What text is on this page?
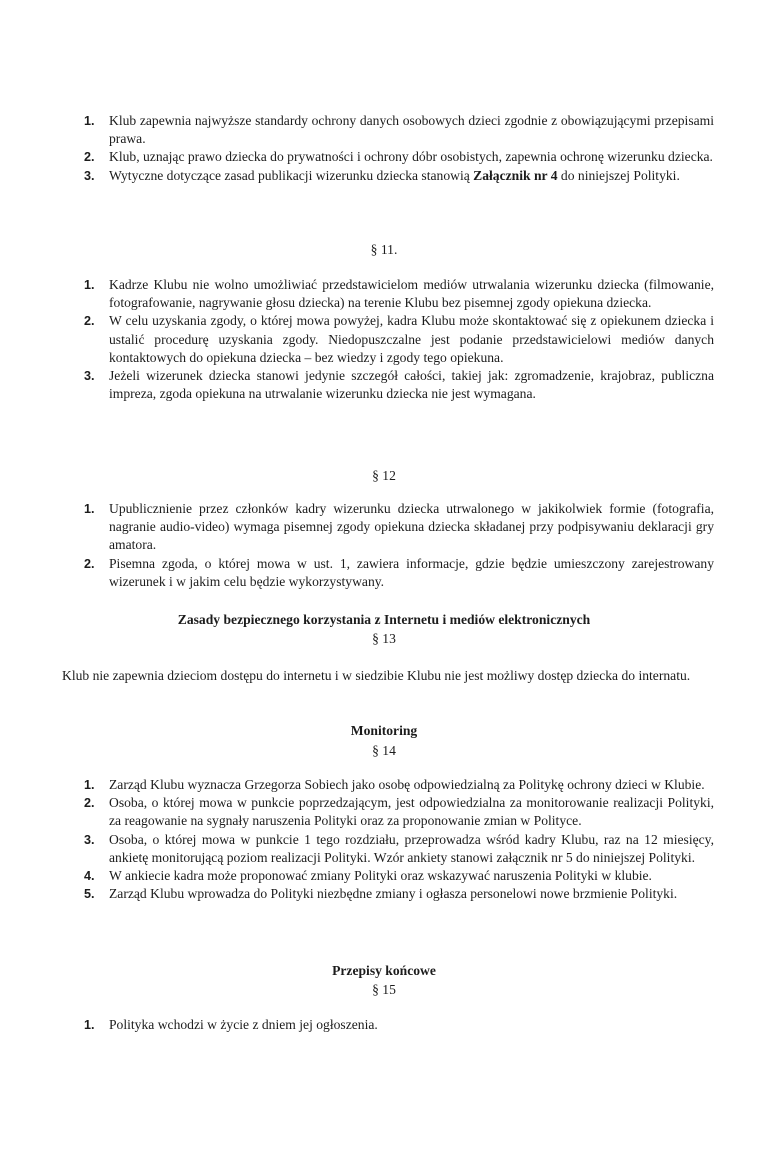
1. Klub zapewnia najwyższe standardy ochrony danych osobowych dzieci zgodnie z obowiązującymi przepisami prawa.
2. Klub, uznając prawo dziecka do prywatności i ochrony dóbr osobistych, zapewnia ochronę wizerunku dziecka.
3. Wytyczne dotyczące zasad publikacji wizerunku dziecka stanowią Załącznik nr 4 do niniejszej Polityki.
§ 11.
1. Kadrze Klubu nie wolno umożliwiać przedstawicielom mediów utrwalania wizerunku dziecka (filmowanie, fotografowanie, nagrywanie głosu dziecka) na terenie Klubu bez pisemnej zgody opiekuna dziecka.
2. W celu uzyskania zgody, o której mowa powyżej, kadra Klubu może skontaktować się z opiekunem dziecka i ustalić procedurę uzyskania zgody. Niedopuszczalne jest podanie przedstawicielowi mediów danych kontaktowych do opiekuna dziecka – bez wiedzy i zgody tego opiekuna.
3. Jeżeli wizerunek dziecka stanowi jedynie szczegół całości, takiej jak: zgromadzenie, krajobraz, publiczna impreza, zgoda opiekuna na utrwalanie wizerunku dziecka nie jest wymagana.
§ 12
1. Upublicznienie przez członków kadry wizerunku dziecka utrwalonego w jakikolwiek formie (fotografia, nagranie audio-video) wymaga pisemnej zgody opiekuna dziecka składanej przy podpisywaniu deklaracji gry amatora.
2. Pisemna zgoda, o której mowa w ust. 1, zawiera informacje, gdzie będzie umieszczony zarejestrowany wizerunek i w jakim celu będzie wykorzystywany.
Zasady bezpiecznego korzystania z Internetu i mediów elektronicznych
§ 13
Klub nie zapewnia dzieciom dostępu do internetu i w siedzibie Klubu nie jest możliwy dostęp dziecka do internatu.
Monitoring
§ 14
1. Zarząd Klubu wyznacza Grzegorza Sobiech jako osobę odpowiedzialną za Politykę ochrony dzieci w Klubie.
2. Osoba, o której mowa w punkcie poprzedzającym, jest odpowiedzialna za monitorowanie realizacji Polityki, za reagowanie na sygnały naruszenia Polityki oraz za proponowanie zmian w Polityce.
3. Osoba, o której mowa w punkcie 1 tego rozdziału, przeprowadza wśród kadry Klubu, raz na 12 miesięcy, ankietę monitorującą poziom realizacji Polityki. Wzór ankiety stanowi załącznik nr 5 do niniejszej Polityki.
4. W ankiecie kadra może proponować zmiany Polityki oraz wskazywać naruszenia Polityki w klubie.
5. Zarząd Klubu wprowadza do Polityki niezbędne zmiany i ogłasza personelowi nowe brzmienie Polityki.
Przepisy końcowe
§ 15
1. Polityka wchodzi w życie z dniem jej ogłoszenia.
